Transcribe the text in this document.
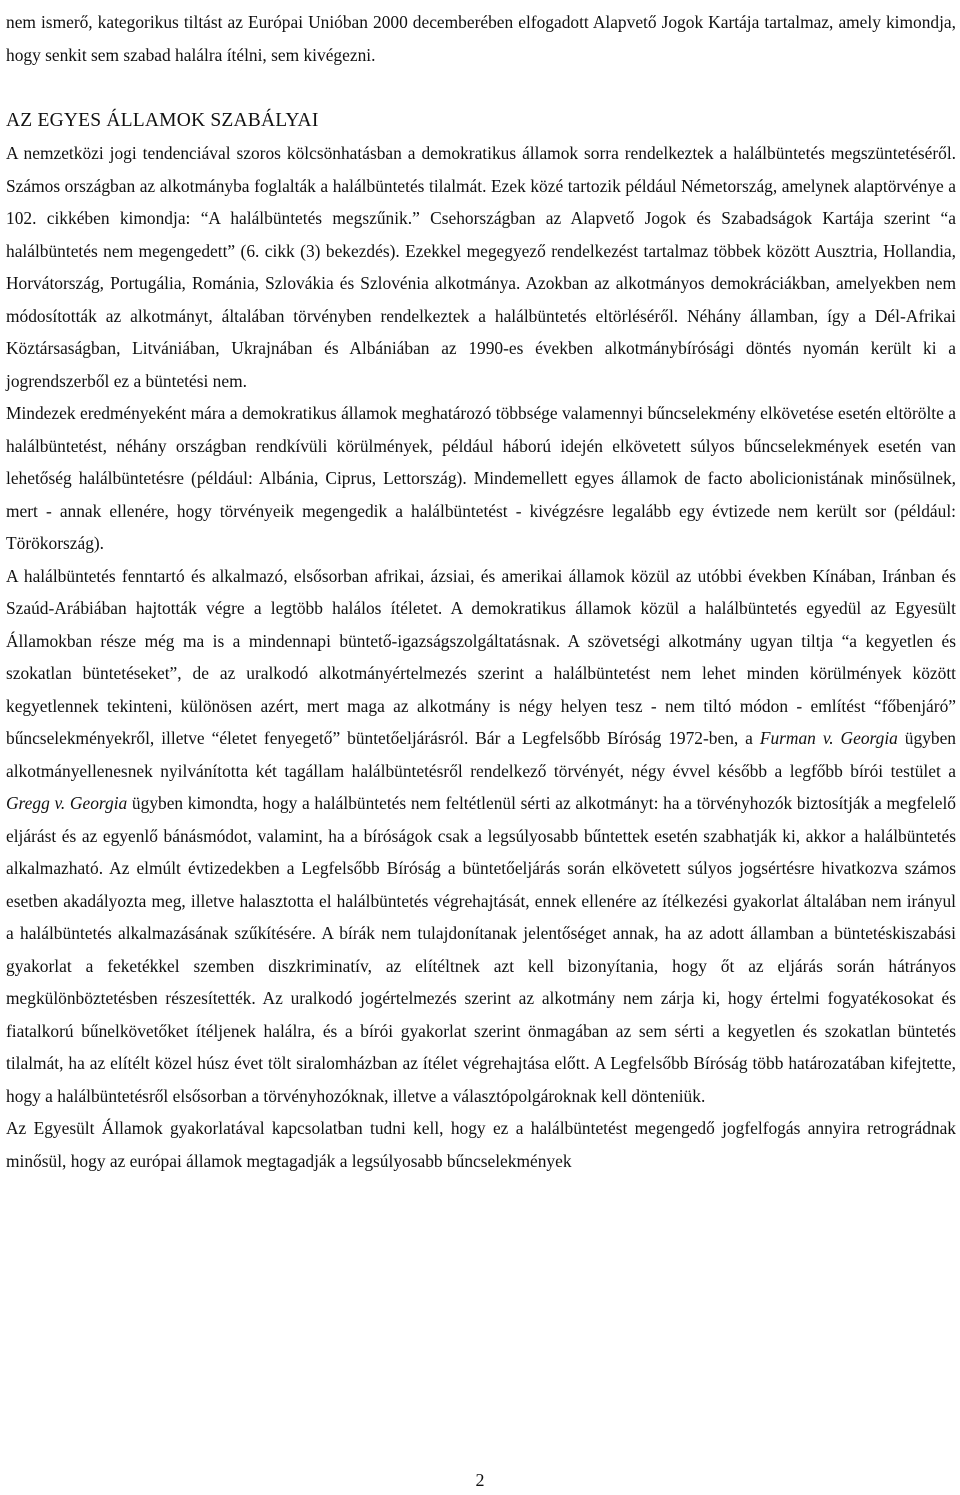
nem ismerő, kategorikus tiltást az Európai Unióban 2000 decemberében elfogadott Alapvető Jogok Kartája tartalmaz, amely kimondja, hogy senkit sem szabad halálra ítélni, sem kivégezni.

AZ EGYES ÁLLAMOK SZABÁLYAI

A nemzetközi jogi tendenciával szoros kölcsönhatásban a demokratikus államok sorra rendelkeztek a halálbüntetés megszüntetéséről. Számos országban az alkotmányba foglalták a halálbüntetés tilalmát. Ezek közé tartozik például Németország, amelynek alaptörvénye a 102. cikkében kimondja: “A halálbüntetés megszűnik.” Csehországban az Alapvető Jogok és Szabadságok Kartája szerint “a halálbüntetés nem megengedett” (6. cikk (3) bekezdés). Ezekkel megegyező rendelkezést tartalmaz többek között Ausztria, Hollandia, Horvátország, Portugália, Románia, Szlovákia és Szlovénia alkotmánya. Azokban az alkotmányos demokráciákban, amelyekben nem módosították az alkotmányt, általában törvényben rendelkeztek a halálbüntetés eltörléséről. Néhány államban, így a Dél-Afrikai Köztársaságban, Litvániában, Ukrajnában és Albániában az 1990-es években alkotmánybírósági döntés nyomán került ki a jogrendszerből ez a büntetési nem.

Mindezek eredményeként mára a demokratikus államok meghatározó többsége valamennyi bűncselekmény elkövetése esetén eltörölte a halálbüntetést, néhány országban rendkívüli körülmények, például háború idején elkövetett súlyos bűncselekmények esetén van lehetőség halálbüntetésre (például: Albánia, Ciprus, Lettország). Mindemellett egyes államok de facto abolicionistának minősülnek, mert - annak ellenére, hogy törvényeik megengedik a halálbüntetést - kivégzésre legalább egy évtizede nem került sor (például: Törökország).

A halálbüntetés fenntartó és alkalmazó, elsősorban afrikai, ázsiai, és amerikai államok közül az utóbbi években Kínában, Iránban és Szaúd-Arábiában hajtották végre a legtöbb halálos ítéletet. A demokratikus államok közül a halálbüntetés egyedül az Egyesült Államokban része még ma is a mindennapi büntető-igazságszolgáltatásnak. A szövetségi alkotmány ugyan tiltja “a kegyetlen és szokatlan büntetéseket”, de az uralkodó alkotmányértelmezés szerint a halálbüntetést nem lehet minden körülmények között kegyetlennek tekinteni, különösen azért, mert maga az alkotmány is négy helyen tesz - nem tiltó módon - említést “főbenjáró” bűncselekményekről, illetve “életet fenyegető” büntetőeljárásról. Bár a Legfelsőbb Bíróság 1972-ben, a Furman v. Georgia ügyben alkotmányellenesnek nyilvánította két tagállam halálbüntetésről rendelkező törvényét, négy évvel később a legfőbb bírói testület a Gregg v. Georgia ügyben kimondta, hogy a halálbüntetés nem feltétlenül sérti az alkotmányt: ha a törvényhozók biztosítják a megfelelő eljárást és az egyenlő bánásmódot, valamint, ha a bíróságok csak a legsúlyosabb bűntettek esetén szabhatják ki, akkor a halálbüntetés alkalmazható. Az elmúlt évtizedekben a Legfelsőbb Bíróság a büntetőeljárás során elkövetett súlyos jogsértésre hivatkozva számos esetben akadályozta meg, illetve halasztotta el halálbüntetés végrehajtását, ennek ellenére az ítélkezési gyakorlat általában nem irányul a halálbüntetés alkalmazásának szűkítésére. A bírák nem tulajdonítanak jelentőséget annak, ha az adott államban a büntetéskiszabási gyakorlat a feketékkel szemben diszkriminatív, az elítéltnek azt kell bizonyítania, hogy őt az eljárás során hátrányos megkülönböztetésben részesítették. Az uralkodó jogértelmezés szerint az alkotmány nem zárja ki, hogy értelmi fogyatékosokat és fiatalkorú bűnelkövetőket ítéljenek halálra, és a bírói gyakorlat szerint önmagában az sem sérti a kegyetlen és szokatlan büntetés tilalmát, ha az elítélt közel húsz évet tölt siralomházban az ítélet végrehajtása előtt. A Legfelsőbb Bíróság több határozatában kifejtette, hogy a halálbüntetésről elsősorban a törvényhozóknak, illetve a választópolgároknak kell dönteniük.

Az Egyesült Államok gyakorlatával kapcsolatban tudni kell, hogy ez a halálbüntetést megengedő jogfelfogás annyira retrográdnak minősül, hogy az európai államok megtagadják a legsúlyosabb bűncselekmények

2
